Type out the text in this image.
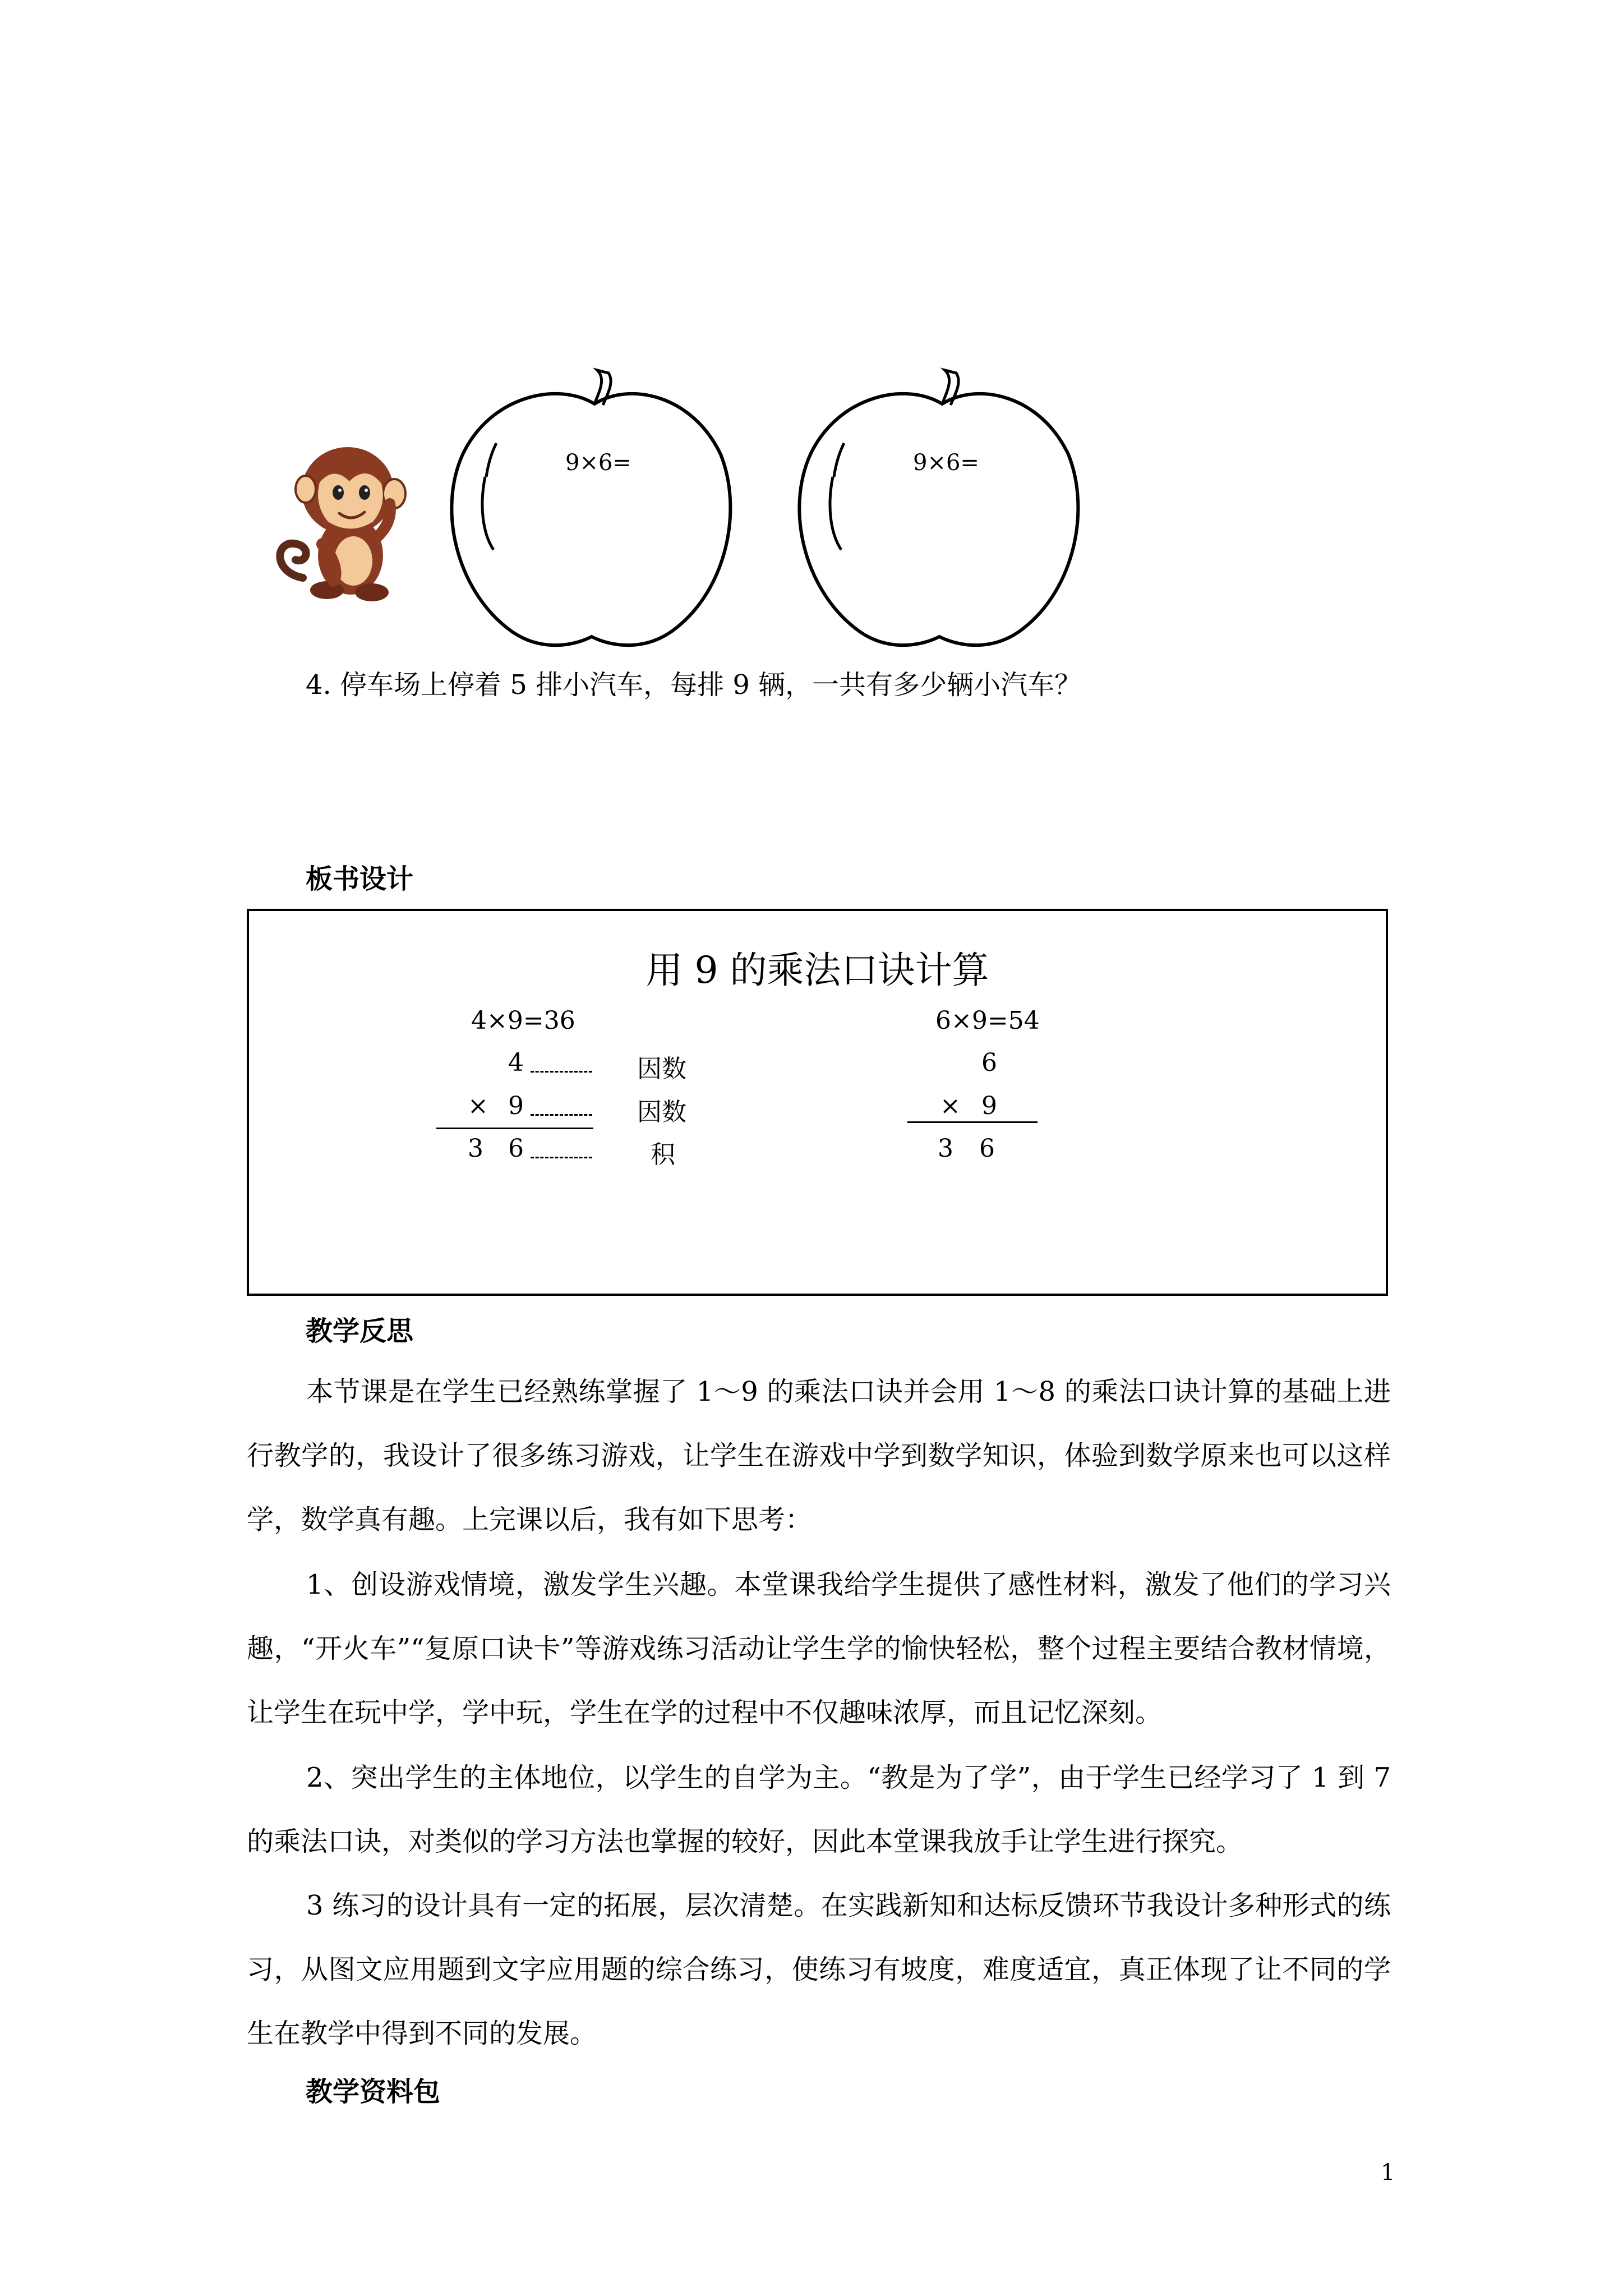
9×6=	9×6=
4. 停车场上停着 5 排小汽车，每排 9 辆，一共有多少辆小汽车？
板书设计
用 9 的乘法口诀计算
4×9=36
4	因数
× 9	因数
3 6	积
6×9=54
6
× 9
3 6
教学反思

本节课是在学生已经熟练掌握了 1～9 的乘法口诀并会用 1～8 的乘法口诀计算的基础上进行教学的，我设计了很多练习游戏，让学生在游戏中学到数学知识，体验到数学原来也可以这样学，数学真有趣。上完课以后，我有如下思考：

1、创设游戏情境，激发学生兴趣。本堂课我给学生提供了感性材料，激发了他们的学习兴趣，“开火车”“复原口诀卡”等游戏练习活动让学生学的愉快轻松，整个过程主要结合教材情境，让学生在玩中学，学中玩，学生在学的过程中不仅趣味浓厚，而且记忆深刻。

2、突出学生的主体地位，以学生的自学为主。“教是为了学”，由于学生已经学习了 1 到 7 的乘法口诀，对类似的学习方法也掌握的较好，因此本堂课我放手让学生进行探究。

3 练习的设计具有一定的拓展，层次清楚。在实践新知和达标反馈环节我设计多种形式的练习，从图文应用题到文字应用题的综合练习，使练习有坡度，难度适宜，真正体现了让不同的学生在教学中得到不同的发展。

教学资料包
1
